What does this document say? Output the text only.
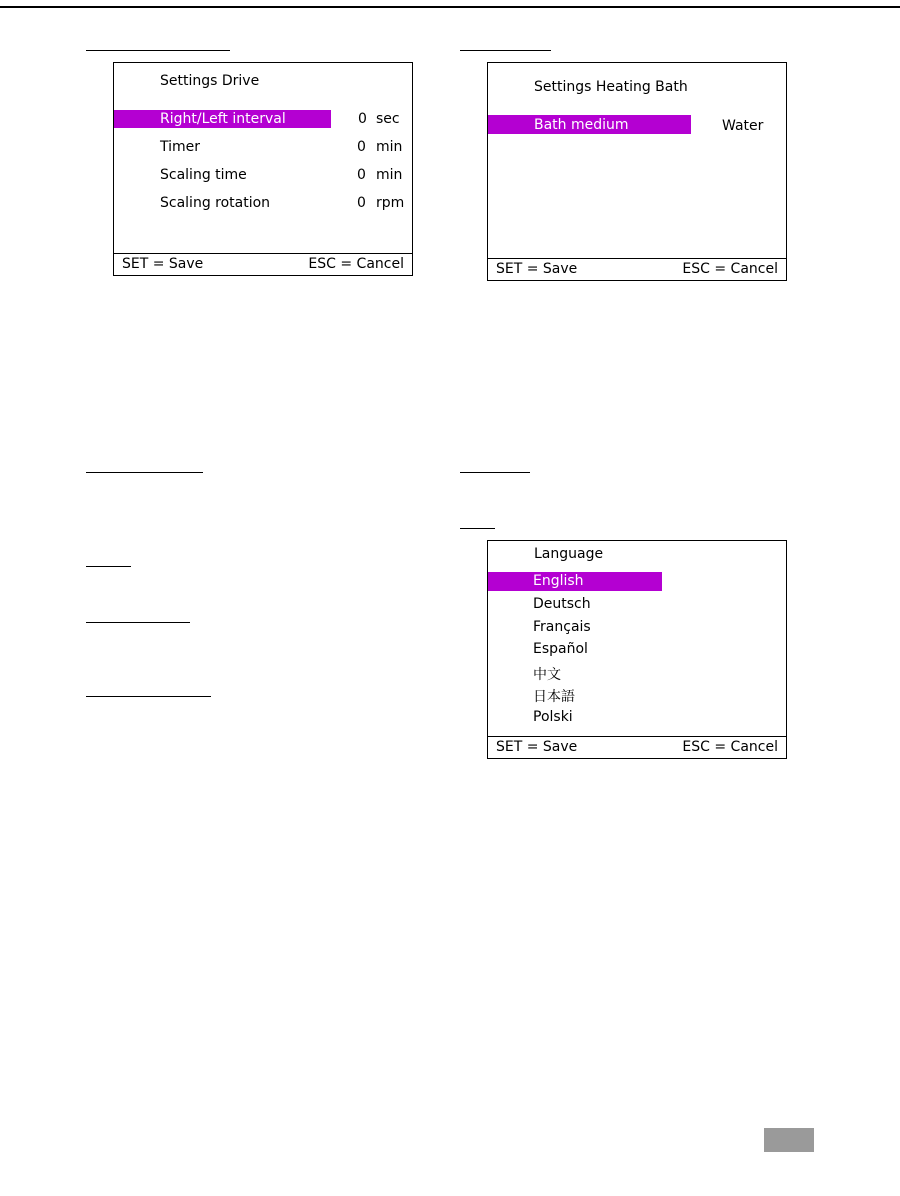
Settings Drive
Right/Left interval	0 sec
Timer	0 min
Scaling time	0 min
Scaling rotation	0 rpm
SET = Save	ESC = Cancel
Settings Heating Bath
Bath medium	Water
SET = Save	ESC = Cancel
Language
English
Deutsch
Français
Español
中文
日本語
Polski
SET = Save	ESC = Cancel
